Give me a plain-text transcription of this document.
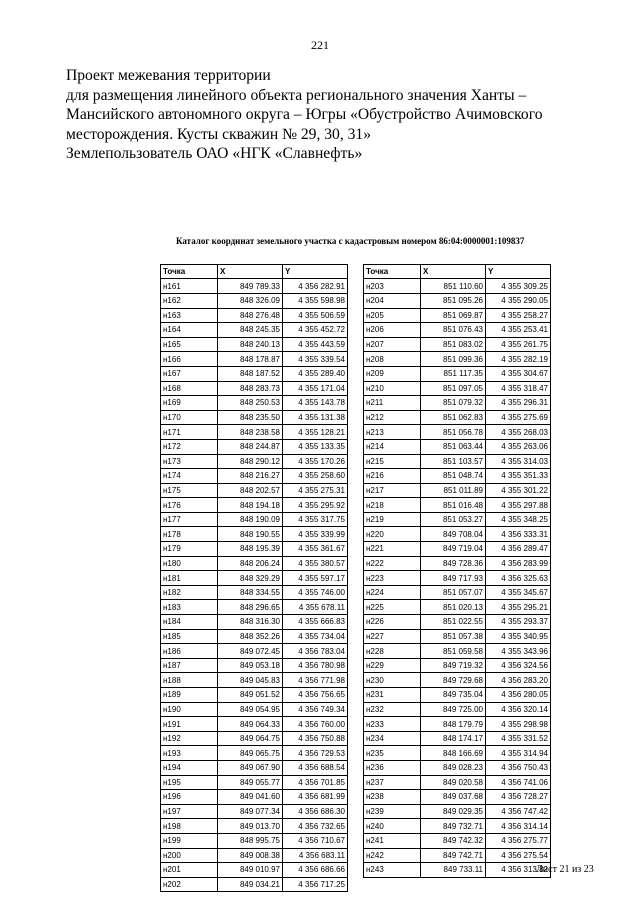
221
Проект межевания территории
для размещения линейного объекта регионального значения Ханты –
Мансийского автономного округа – Югры «Обустройство Ачимовского
месторождения. Кусты скважин № 29, 30, 31»
Землепользователь ОАО «НГК «Славнефть»
Каталог координат земельного участка с кадастровым номером 86:04:0000001:109837
Точка	X	Y
н161	849 789.33	4 356 282.91
н162	848 326.09	4 355 598.98
н163	848 276.48	4 355 506.59
н164	848 245.35	4 355 452.72
н165	848 240.13	4 355 443.59
н166	848 178.87	4 355 339.54
н167	848 187.52	4 355 289.40
н168	848 283.73	4 355 171.04
н169	848 250.53	4 355 143.78
н170	848 235.50	4 355 131.38
н171	848 238.58	4 355 128.21
н172	848 244.87	4 355 133.35
н173	848 290.12	4 355 170.26
н174	848 216.27	4 355 258.60
н175	848 202.57	4 355 275.31
н176	848 194.18	4 355 295.92
н177	848 190.09	4 355 317.75
н178	848 190.55	4 355 339.99
н179	848 195.39	4 355 361.67
н180	848 206.24	4 355 380.57
н181	848 329.29	4 355 597.17
н182	848 334.55	4 355 746.00
н183	848 296.65	4 355 678.11
н184	848 316.30	4 355 666.83
н185	848 352.26	4 355 734.04
н186	849 072.45	4 356 783.04
н187	849 053.18	4 356 780.98
н188	849 045.83	4 356 771.98
н189	849 051.52	4 356 756.65
н190	849 054.95	4 356 749.34
н191	849 064.33	4 356 760.00
н192	849 064.75	4 356 750.88
н193	849 065.75	4 356 729.53
н194	849 067.90	4 356 688.54
н195	849 055.77	4 356 701.85
н196	849 041.60	4 356 681.99
н197	849 077.34	4 356 686.30
н198	849 013.70	4 356 732.65
н199	848 995.75	4 356 710.67
н200	849 008.38	4 356 683.11
н201	849 010.97	4 356 686.66
н202	849 034.21	4 356 717.25
Точка	X	Y
н203	851 110.60	4 355 309.25
н204	851 095.26	4 355 290.05
н205	851 069.87	4 355 258.27
н206	851 076.43	4 355 253.41
н207	851 083.02	4 355 261.75
н208	851 099.36	4 355 282.19
н209	851 117.35	4 355 304.67
н210	851 097.05	4 355 318.47
н211	851 079.32	4 355 296.31
н212	851 062.83	4 355 275.69
н213	851 056.78	4 355 268.03
н214	851 063.44	4 355 263.06
н215	851 103.57	4 355 314.03
н216	851 048.74	4 355 351.33
н217	851 011.89	4 355 301.22
н218	851 016.48	4 355 297.88
н219	851 053.27	4 355 348.25
н220	849 708.04	4 356 333.31
н221	849 719.04	4 356 289.47
н222	849 728.36	4 356 283.99
н223	849 717.93	4 356 325.63
н224	851 057.07	4 355 345.67
н225	851 020.13	4 355 295.21
н226	851 022.55	4 355 293.37
н227	851 057.38	4 355 340.95
н228	851 059.58	4 355 343.96
н229	849 719.32	4 356 324.56
н230	849 729.68	4 356 283.20
н231	849 735.04	4 356 280.05
н232	849 725.00	4 356 320.14
н233	848 179.79	4 355 298.98
н234	848 174.17	4 355 331.52
н235	848 166.69	4 355 314.94
н236	849 028.23	4 356 750.43
н237	849 020.58	4 356 741.06
н238	849 037.68	4 356 728.27
н239	849 029.35	4 356 747.42
н240	849 732.71	4 356 314.14
н241	849 742.32	4 356 275.77
н242	849 742.71	4 356 275.54
н243	849 733.11	4 356 313.82
Лист 21 из 23
